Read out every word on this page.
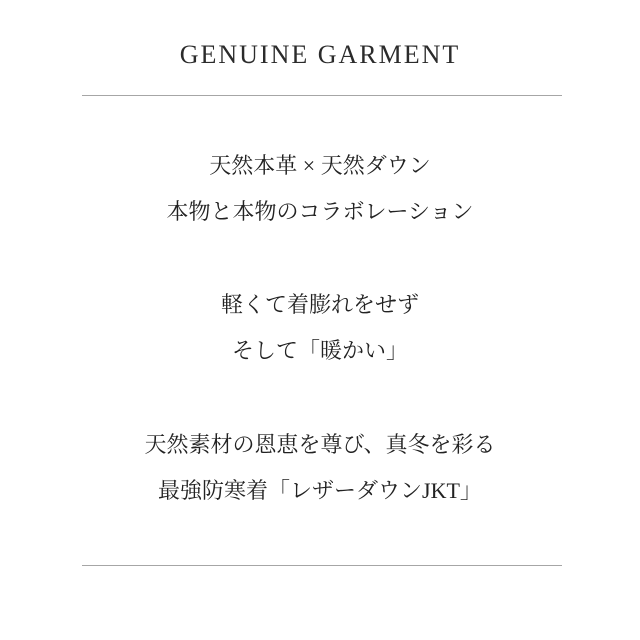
GENUINE GARMENT

天然本革 × 天然ダウン
本物と本物のコラボレーション

軽くて着膨れをせず
そして「暖かい」

天然素材の恩恵を尊び、真冬を彩る
最強防寒着「レザーダウンJKT」
